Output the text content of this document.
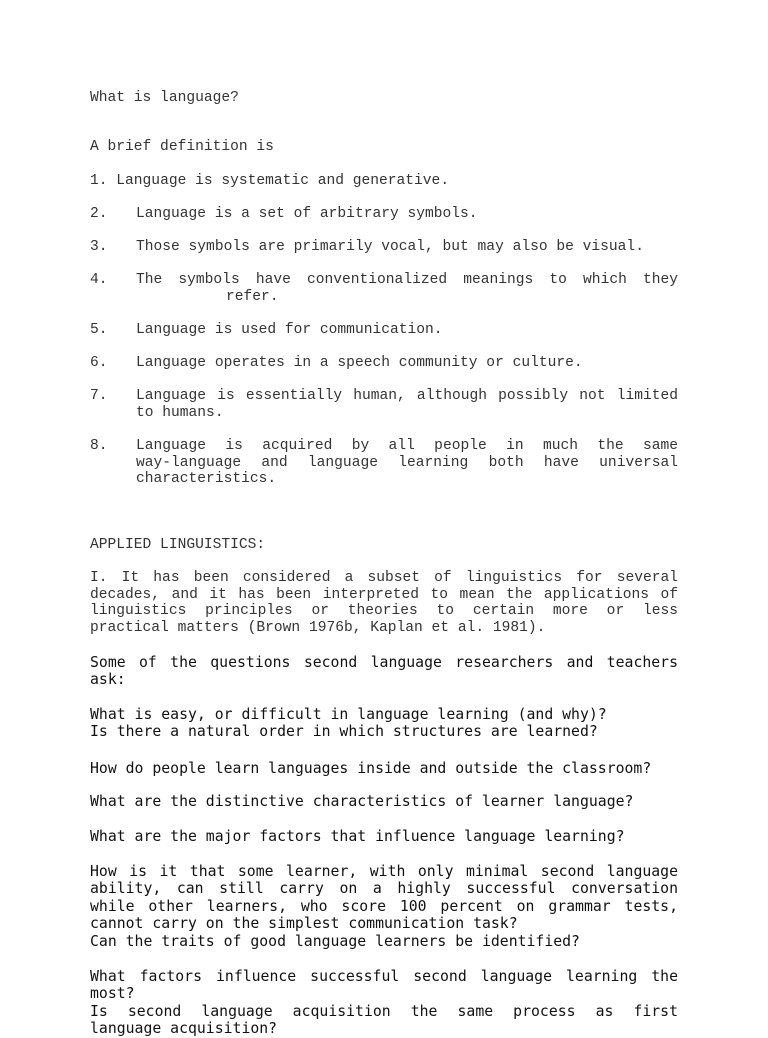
What is language?

A brief definition is

1. Language is systematic and generative.
2. Language is a set of arbitrary symbols.
3. Those symbols are primarily vocal, but may also be visual.
4. The symbols have conventionalized meanings to which they
refer.
5. Language is used for communication.
6. Language operates in a speech community or culture.
7. Language is essentially human, although possibly not limited
to humans.
8. Language is acquired by all people in much the same
way-language and language learning both have universal
characteristics.

APPLIED LINGUISTICS:

I. It has been considered a subset of linguistics for several
decades, and it has been interpreted to mean the applications of
linguistics principles or theories to certain more or less
practical matters (Brown 1976b, Kaplan et al. 1981).
Some of the questions second language researchers and teachers
ask:
What is easy, or difficult in language learning (and why)?
Is there a natural order in which structures are learned?

How do people learn languages inside and outside the classroom?

What are the distinctive characteristics of learner language?

What are the major factors that influence language learning?

How is it that some learner, with only minimal second language
ability, can still carry on a highly successful conversation
while other learners, who score 100 percent on grammar tests,
cannot carry on the simplest communication task?
Can the traits of good language learners be identified?
What factors influence successful second language learning the
most?
Is second language acquisition the same process as first
language acquisition?
